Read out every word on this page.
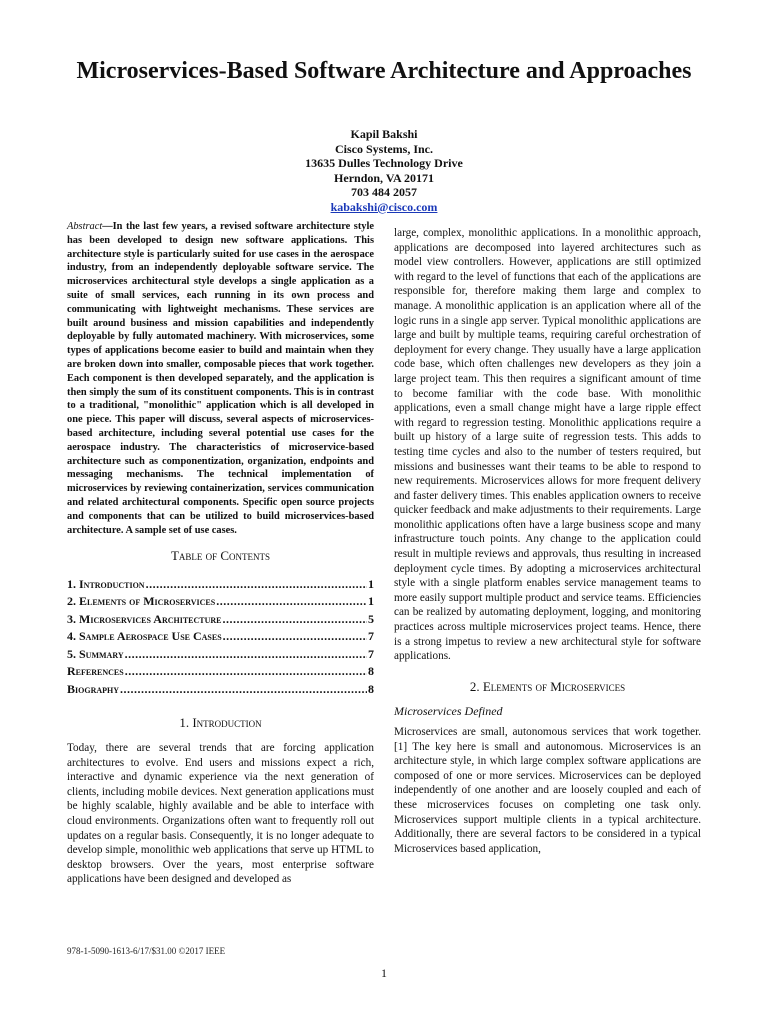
Microservices-Based Software Architecture and Approaches
Kapil Bakshi
Cisco Systems, Inc.
13635 Dulles Technology Drive
Herndon, VA 20171
703 484 2057
kabakshi@cisco.com

Abstract—In the last few years, a revised software architecture style has been developed to design new software applications. This architecture style is particularly suited for use cases in the aerospace industry, from an independently deployable software service. The microservices architectural style develops a single application as a suite of small services, each running in its own process and communicating with lightweight mechanisms. These services are built around business and mission capabilities and independently deployable by fully automated machinery. With microservices, some types of applications become easier to build and maintain when they are broken down into smaller, composable pieces that work together. Each component is then developed separately, and the application is then simply the sum of its constituent components. This is in contrast to a traditional, "monolithic" application which is all developed in one piece. This paper will discuss, several aspects of microservices-based architecture, including several potential use cases for the aerospace industry. The characteristics of microservice-based architecture such as componentization, organization, endpoints and messaging mechanisms. The technical implementation of microservices by reviewing containerization, services communication and related architectural components. Specific open source projects and components that can be utilized to build microservices-based architecture. A sample set of use cases.

Table of Contents
1. Introduction .....	1
2. Elements of Microservices .....	1
3. Microservices Architecture .....	5
4. Sample Aerospace Use Cases .....	7
5. Summary .....	7
References .....	8
Biography .....	8
1. Introduction

Today, there are several trends that are forcing application architectures to evolve. End users and missions expect a rich, interactive and dynamic experience via the next generation of clients, including mobile devices. Next generation applications must be highly scalable, highly available and be able to interface with cloud environments. Organizations often want to frequently roll out updates on a regular basis. Consequently, it is no longer adequate to develop simple, monolithic web applications that serve up HTML to desktop browsers. Over the years, most enterprise software applications have been designed and developed as

large, complex, monolithic applications. In a monolithic approach, applications are decomposed into layered architectures such as model view controllers. However, applications are still optimized with regard to the level of functions that each of the applications are responsible for, therefore making them large and complex to manage. A monolithic application is an application where all of the logic runs in a single app server. Typical monolithic applications are large and built by multiple teams, requiring careful orchestration of deployment for every change. They usually have a large application code base, which often challenges new developers as they join a large project team. This then requires a significant amount of time to become familiar with the code base. With monolithic applications, even a small change might have a large ripple effect with regard to regression testing. Monolithic applications require a built up history of a large suite of regression tests. This adds to testing time cycles and also to the number of testers required, but missions and businesses want their teams to be able to respond to new requirements. Microservices allows for more frequent delivery and faster delivery times. This enables application owners to receive quicker feedback and make adjustments to their requirements. Large monolithic applications often have a large business scope and many infrastructure touch points. Any change to the application could result in multiple reviews and approvals, thus resulting in increased deployment cycle times. By adopting a microservices architectural style with a single platform enables service management teams to more easily support multiple product and service teams. Efficiencies can be realized by automating deployment, logging, and monitoring practices across multiple microservices project teams. Hence, there is a strong impetus to review a new architectural style for software applications.

2. Elements of Microservices
Microservices Defined

Microservices are small, autonomous services that work together. [1] The key here is small and autonomous. Microservices is an architecture style, in which large complex software applications are composed of one or more services. Microservices can be deployed independently of one another and are loosely coupled and each of these microservices focuses on completing one task only. Microservices support multiple clients in a typical architecture. Additionally, there are several factors to be considered in a typical Microservices based application,

978-1-5090-1613-6/17/$31.00 ©2017 IEEE
1
